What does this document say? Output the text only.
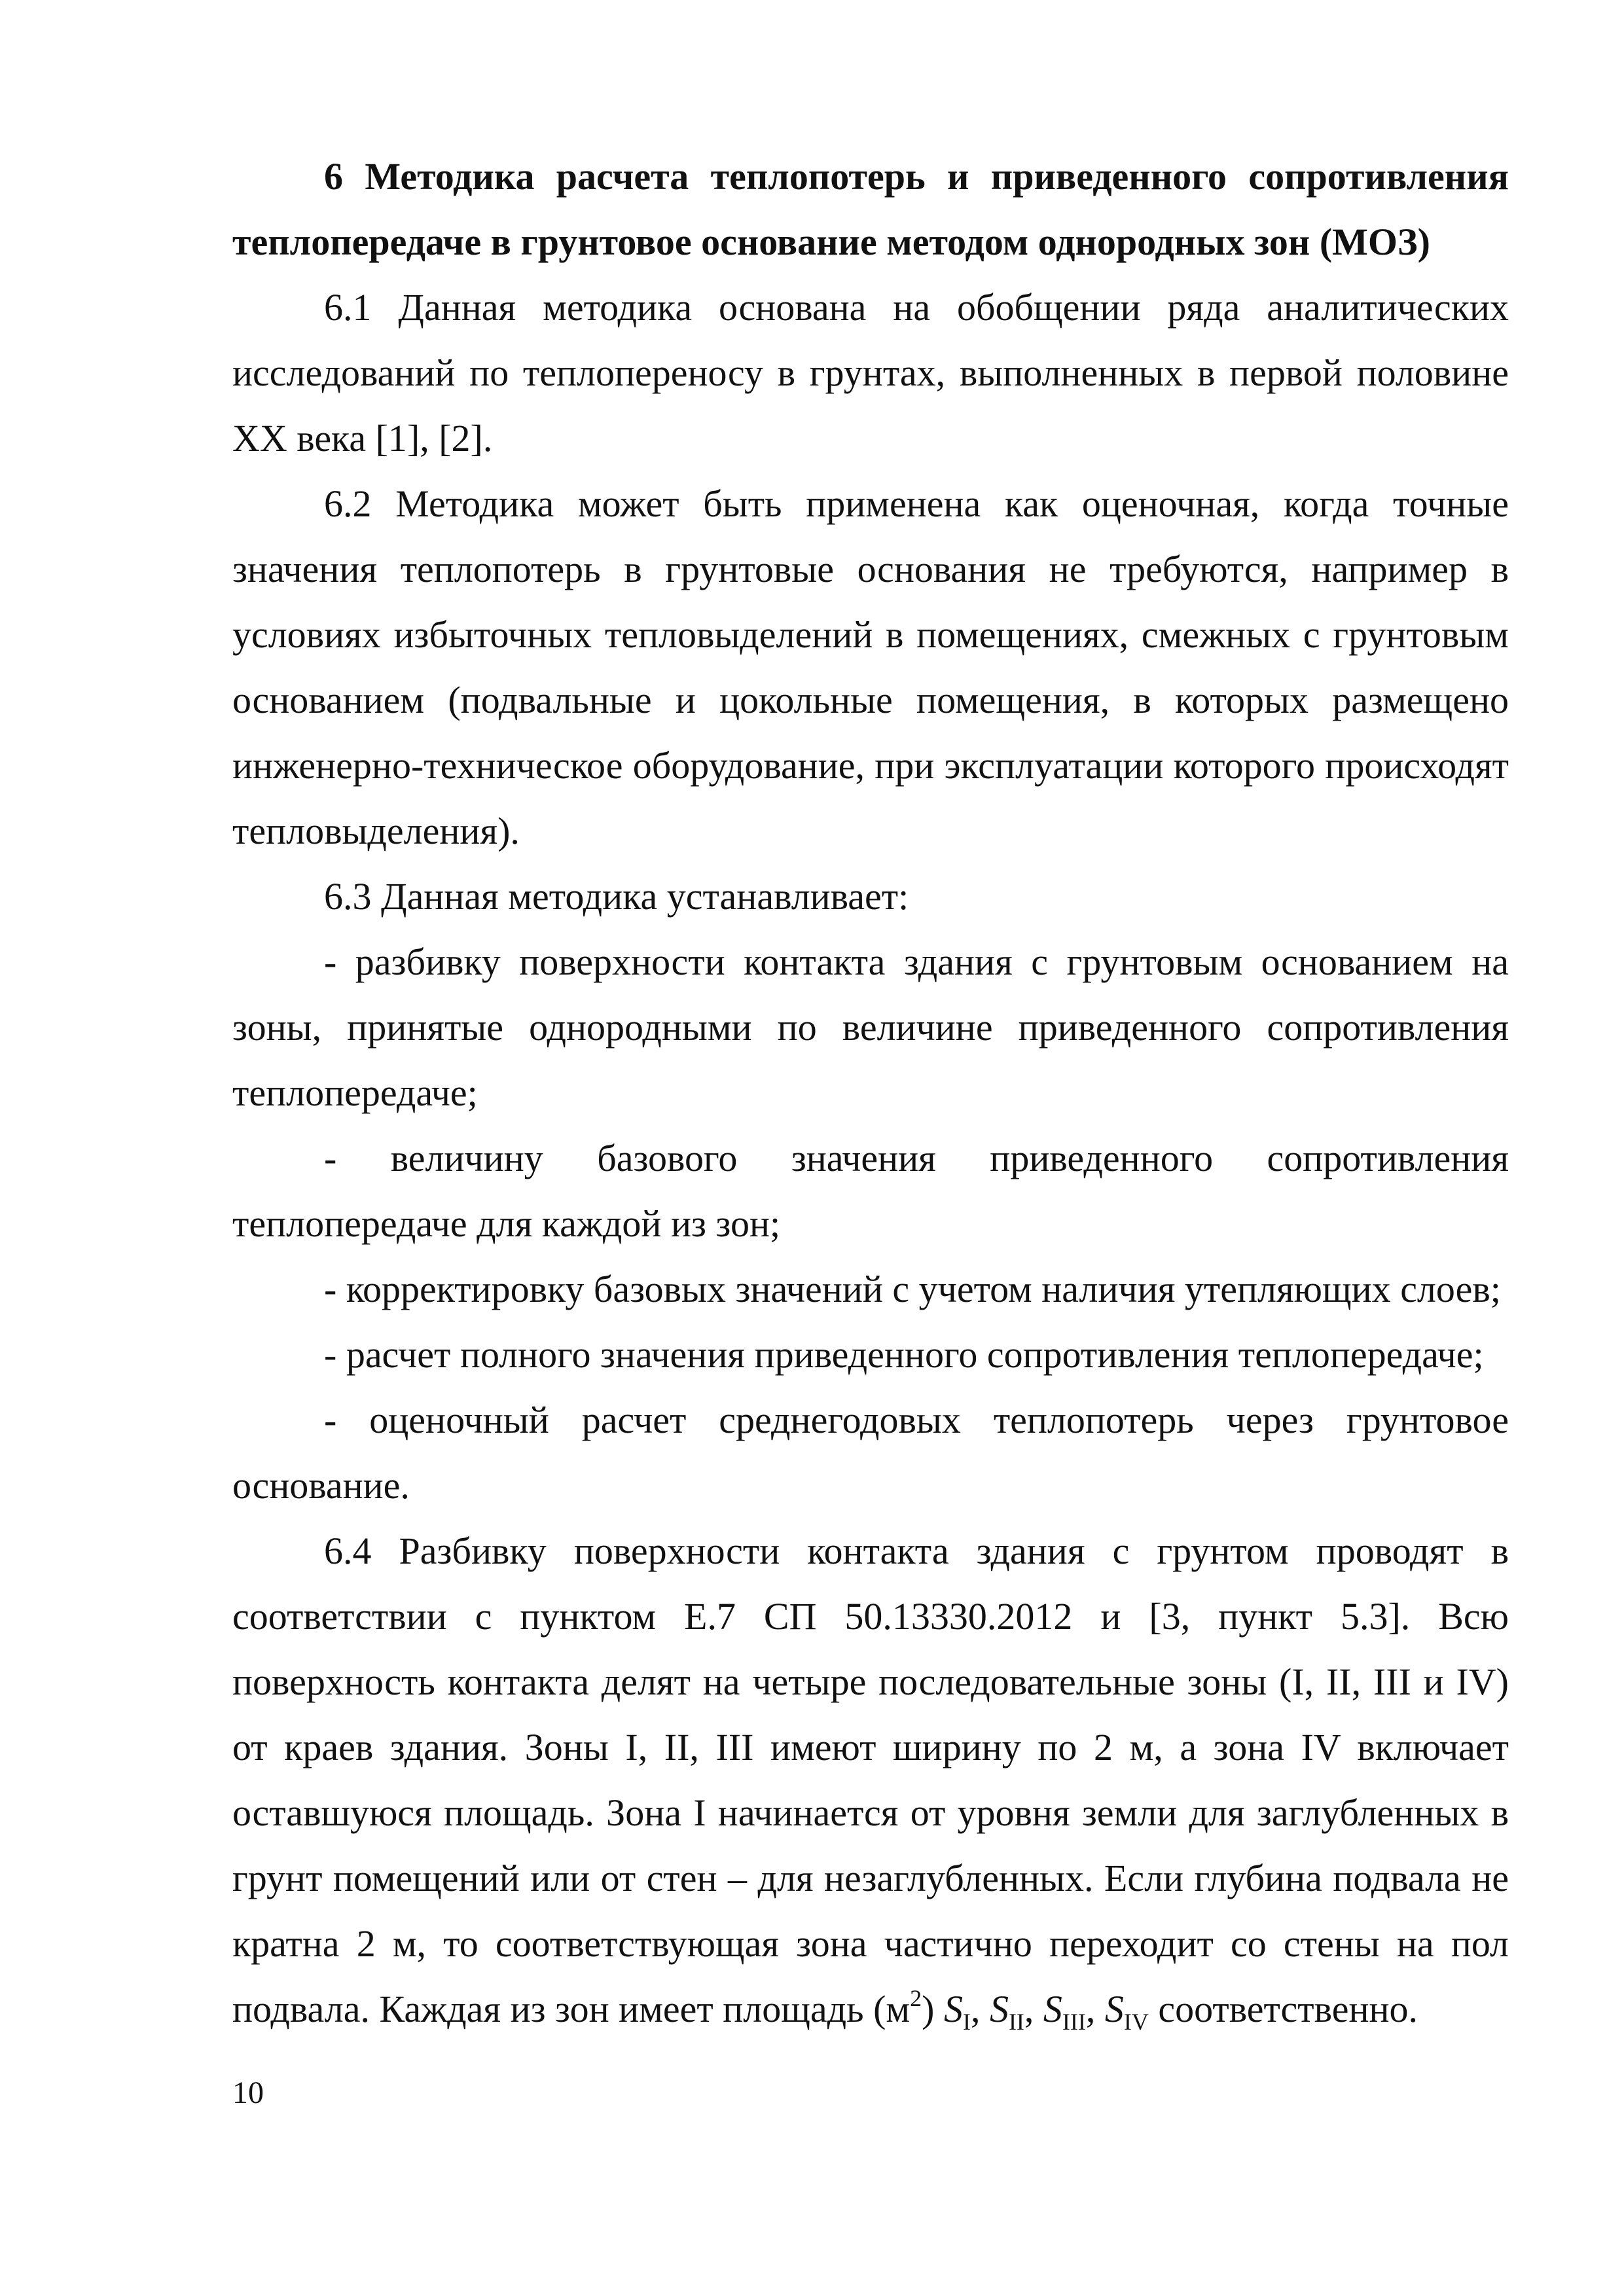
6 Методика расчета теплопотерь и приведенного сопротивления теплопередаче в грунтовое основание методом однородных зон (МОЗ)

6.1 Данная методика основана на обобщении ряда аналитических исследований по теплопереносу в грунтах, выполненных в первой половине XX века [1], [2].

6.2 Методика может быть применена как оценочная, когда точные значения теплопотерь в грунтовые основания не требуются, например в условиях избыточных тепловыделений в помещениях, смежных с грунтовым основанием (подвальные и цокольные помещения, в которых размещено инженерно-техническое оборудование, при эксплуатации которого происходят тепловыделения).

6.3 Данная методика устанавливает:

- разбивку поверхности контакта здания с грунтовым основанием на зоны, принятые однородными по величине приведенного сопротивления теплопередаче;

- величину базового значения приведенного сопротивления теплопередаче для каждой из зон;

- корректировку базовых значений с учетом наличия утепляющих слоев;

- расчет полного значения приведенного сопротивления теплопередаче;

- оценочный расчет среднегодовых теплопотерь через грунтовое основание.

6.4 Разбивку поверхности контакта здания с грунтом проводят в соответствии с пунктом Е.7 СП 50.13330.2012 и [3, пункт 5.3]. Всю поверхность контакта делят на четыре последовательные зоны (I, II, III и IV) от краев здания. Зоны I, II, III имеют ширину по 2 м, а зона IV включает оставшуюся площадь. Зона I начинается от уровня земли для заглубленных в грунт помещений или от стен – для незаглубленных. Если глубина подвала не кратна 2 м, то соответствующая зона частично переходит со стены на пол подвала. Каждая из зон имеет площадь $(м^2)$ $S_I$, $S_{II}$, $S_{III}$, $S_{IV}$ соответственно.

10
